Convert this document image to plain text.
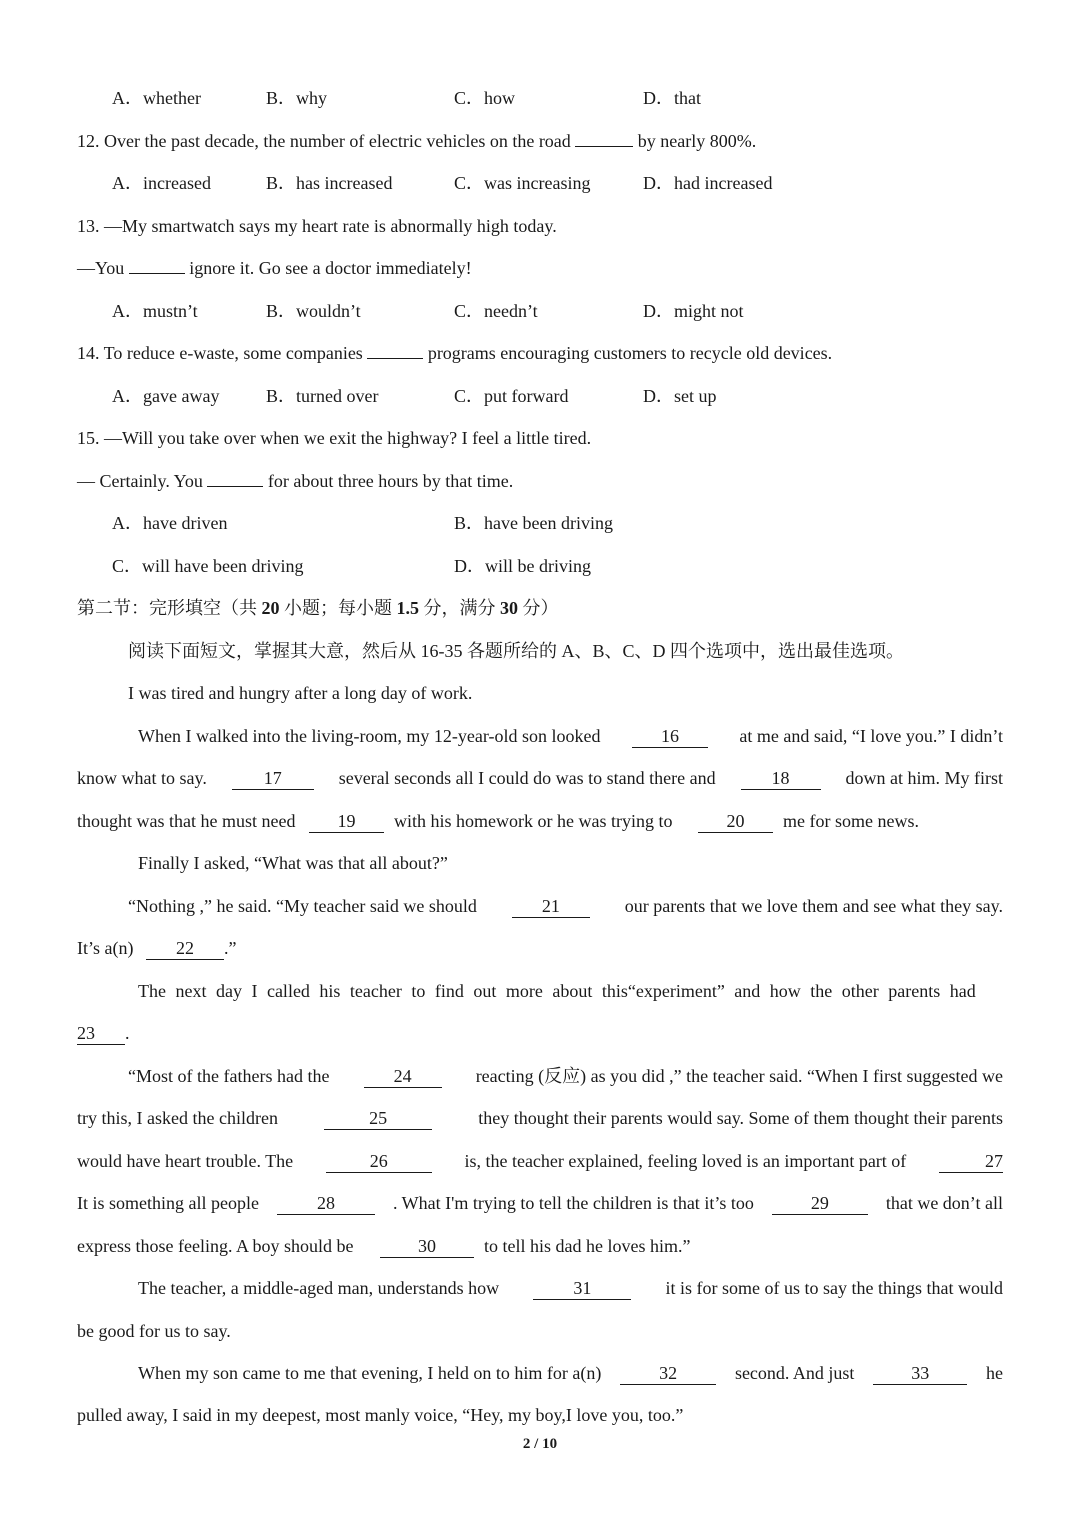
A．whether	B．why	C．how	D．that
12. Over the past decade, the number of electric vehicles on the road	by nearly 800%.
A．increased	B．has increased	C．was increasing	D．had increased
13. —My smartwatch says my heart rate is abnormally high today.
—You	ignore it. Go see a doctor immediately!
A．mustn’t	B．wouldn’t	C．needn’t	D．might not
14. To reduce e-waste, some companies	programs encouraging customers to recycle old devices.
A．gave away	B．turned over	C．put forward	D．set up
15. —Will you take over when we exit the highway? I feel a little tired.
— Certainly. You	for about three hours by that time.
A．have driven	B．have been driving
C．will have been driving	D．will be driving
第二节：完形填空（共 20 小题；每小题 1.5 分，满分 30 分）
阅读下面短文，掌握其大意，然后从 16-35 各题所给的 A、B、C、D 四个选项中，选出最佳选项。
I was tired and hungry after a long day of work.
When I walked into the living-room, my 12-year-old son looked	16	at me and said, “I love you.” I didn’t
know what to say.	17	several seconds all I could do was to stand there and	18	down at him. My first
thought was that he must need	19	with his homework or he was trying to	20	me for some news.
Finally I asked, “What was that all about?”
“Nothing ,” he said. “My teacher said we should	21	our parents that we love them and see what they say.
It’s a(n)	22	.”
The next day I called his teacher to find out more about this“experiment” and how the other parents had
23	.
“Most of the fathers had the	24	reacting (反应) as you did ,” the teacher said. “When I first suggested we
try this, I asked the children	25	they thought their parents would say. Some of them thought their parents
would have heart trouble. The	26	is, the teacher explained, feeling loved is an important part of	27
It is something all people	28	. What I'm trying to tell the children is that it’s too	29	that we don’t all
express those feeling. A boy should be	30	to tell his dad he loves him.”
The teacher, a middle-aged man, understands how	31	it is for some of us to say the things that would
be good for us to say.
When my son came to me that evening, I held on to him for a(n)	32	second. And just	33	he
pulled away, I said in my deepest, most manly voice, “Hey, my boy,I love you, too.”
2 / 10
